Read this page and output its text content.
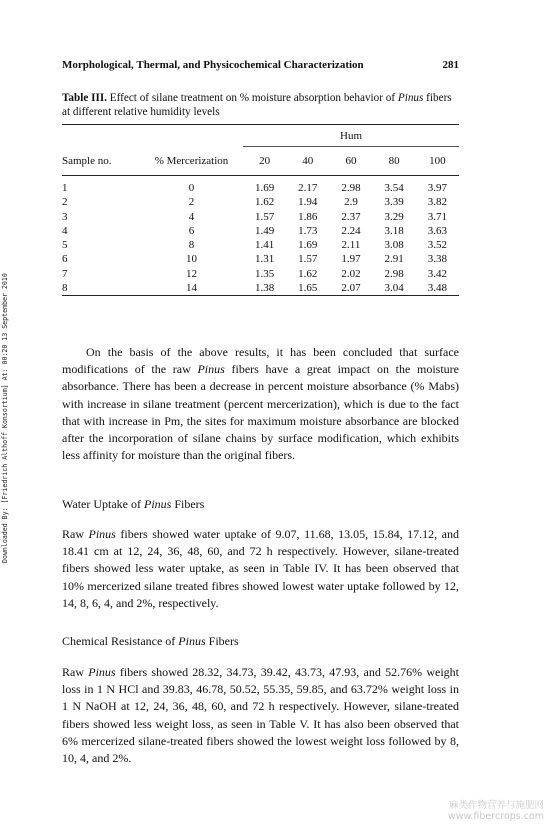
Downloaded By: [Friedrich Althoff Konsortium] At: 00:20 13 September 2010
Morphological, Thermal, and Physicochemical Characterization	281
Table III. Effect of silane treatment on % moisture absorption behavior of Pinus fibers at different relative humidity levels

		Hum				
Sample no.	% Mercerization	20	40	60	80	100

1	0	1.69	2.17	2.98	3.54	3.97
2	2	1.62	1.94	2.9	3.39	3.82
3	4	1.57	1.86	2.37	3.29	3.71
4	6	1.49	1.73	2.24	3.18	3.63
5	8	1.41	1.69	2.11	3.08	3.52
6	10	1.31	1.57	1.97	2.91	3.38
7	12	1.35	1.62	2.02	2.98	3.42
8	14	1.38	1.65	2.07	3.04	3.48
On the basis of the above results, it has been concluded that surface modifications of the raw Pinus fibers have a great impact on the moisture absorbance. There has been a decrease in percent moisture absorbance (% Mabs) with increase in silane treatment (percent mercerization), which is due to the fact that with increase in Pm, the sites for maximum moisture absorbance are blocked after the incorporation of silane chains by surface modification, which exhibits less affinity for moisture than the original fibers.
Water Uptake of Pinus Fibers
Raw Pinus fibers showed water uptake of 9.07, 11.68, 13.05, 15.84, 17.12, and 18.41 cm at 12, 24, 36, 48, 60, and 72 h respectively. However, silane-treated fibers showed less water uptake, as seen in Table IV. It has been observed that 10% mercerized silane treated fibres showed lowest water uptake followed by 12, 14, 8, 6, 4, and 2%, respectively.
Chemical Resistance of Pinus Fibers
Raw Pinus fibers showed 28.32, 34.73, 39.42, 43.73, 47.93, and 52.76% weight loss in 1 N HCl and 39.83, 46.78, 50.52, 55.35, 59.85, and 63.72% weight loss in 1 N NaOH at 12, 24, 36, 48, 60, and 72 h respectively. However, silane-treated fibers showed less weight loss, as seen in Table V. It has also been observed that 6% mercerized silane-treated fibers showed the lowest weight loss followed by 8, 10, 4, and 2%.
麻类作物营养与施肥网
www.fibercrops.com
